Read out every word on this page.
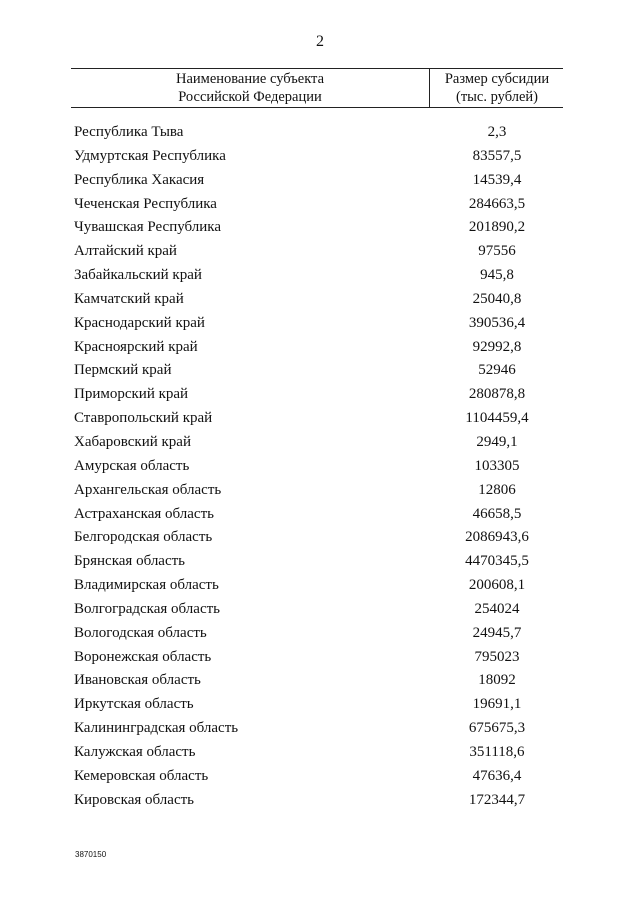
2
Наименование субъекта
Российской Федерации
Размер субсидии
(тыс. рублей)
Республика Тыва	2,3
Удмуртская Республика	83557,5
Республика Хакасия	14539,4
Чеченская Республика	284663,5
Чувашская Республика	201890,2
Алтайский край	97556
Забайкальский край	945,8
Камчатский край	25040,8
Краснодарский край	390536,4
Красноярский край	92992,8
Пермский край	52946
Приморский край	280878,8
Ставропольский край	1104459,4
Хабаровский край	2949,1
Амурская область	103305
Архангельская область	12806
Астраханская область	46658,5
Белгородская область	2086943,6
Брянская область	4470345,5
Владимирская область	200608,1
Волгоградская область	254024
Вологодская область	24945,7
Воронежская область	795023
Ивановская область	18092
Иркутская область	19691,1
Калининградская область	675675,3
Калужская область	351118,6
Кемеровская область	47636,4
Кировская область	172344,7
3870150
